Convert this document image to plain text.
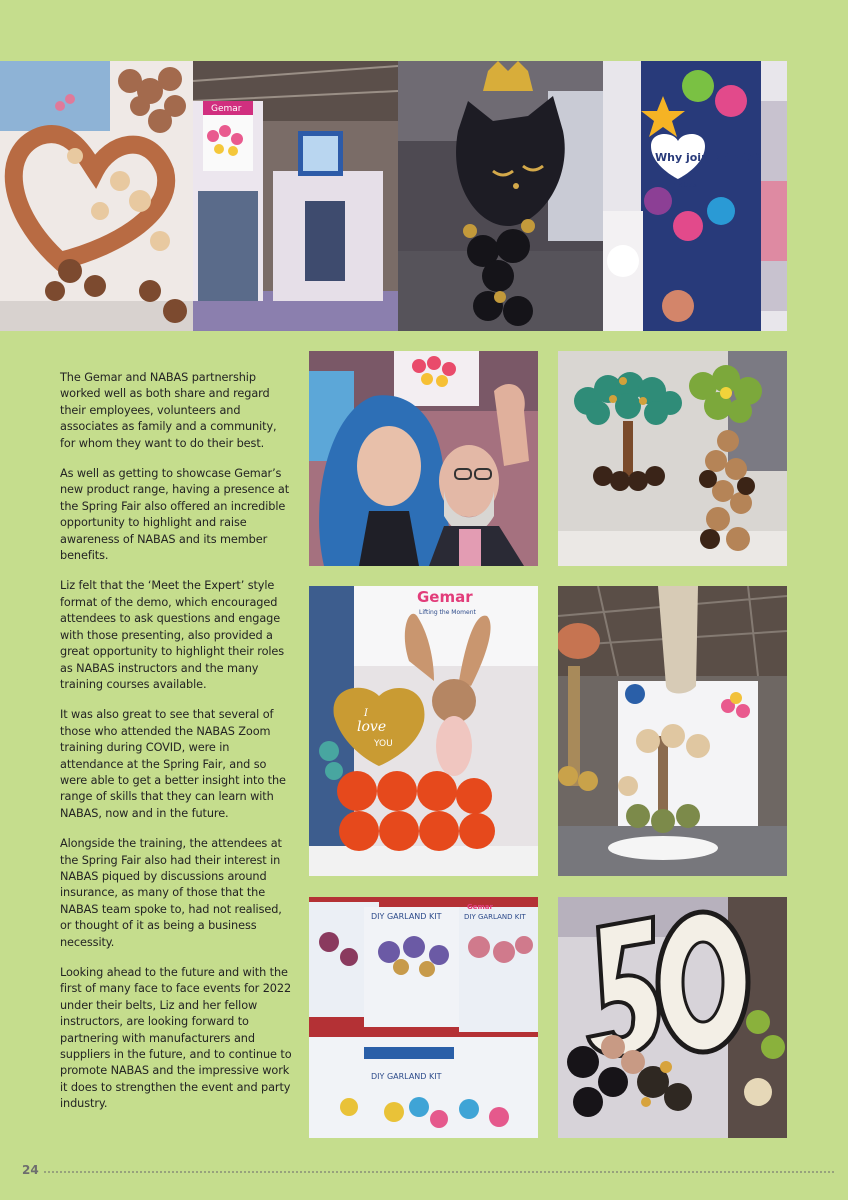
Gemar
Why join NABAS?
nabas
Gemar
Lifting the Moment
I
love
YOU
DIY GARLAND KIT	DIY GARLAND KIT
Gemar
DIY GARLAND KIT

The Gemar and NABAS partnership worked well as both share and regard their employees, volunteers and associates as family and a community, for whom they want to do their best.

As well as getting to showcase Gemar’s new product range, having a presence at the Spring Fair also offered an incredible opportunity to highlight and raise awareness of NABAS and its member benefits.

Liz felt that the ‘Meet the Expert’ style format of the demo, which encouraged attendees to ask questions and engage with those presenting, also provided a great opportunity to highlight their roles as NABAS instructors and the many training courses available.

It was also great to see that several of those who attended the NABAS Zoom training during COVID, were in attendance at the Spring Fair, and so were able to get a better insight into the range of skills that they can learn with NABAS, now and in the future.

Alongside the training, the attendees at the Spring Fair also had their interest in NABAS piqued by discussions around insurance, as many of those that the NABAS team spoke to, had not realised, or thought of it as being a business necessity.

Looking ahead to the future and with the first of many face to face events for 2022 under their belts, Liz and her fellow instructors, are looking forward to partnering with manufacturers and suppliers in the future, and to continue to promote NABAS and the impressive work it does to strengthen the event and party industry.

24
